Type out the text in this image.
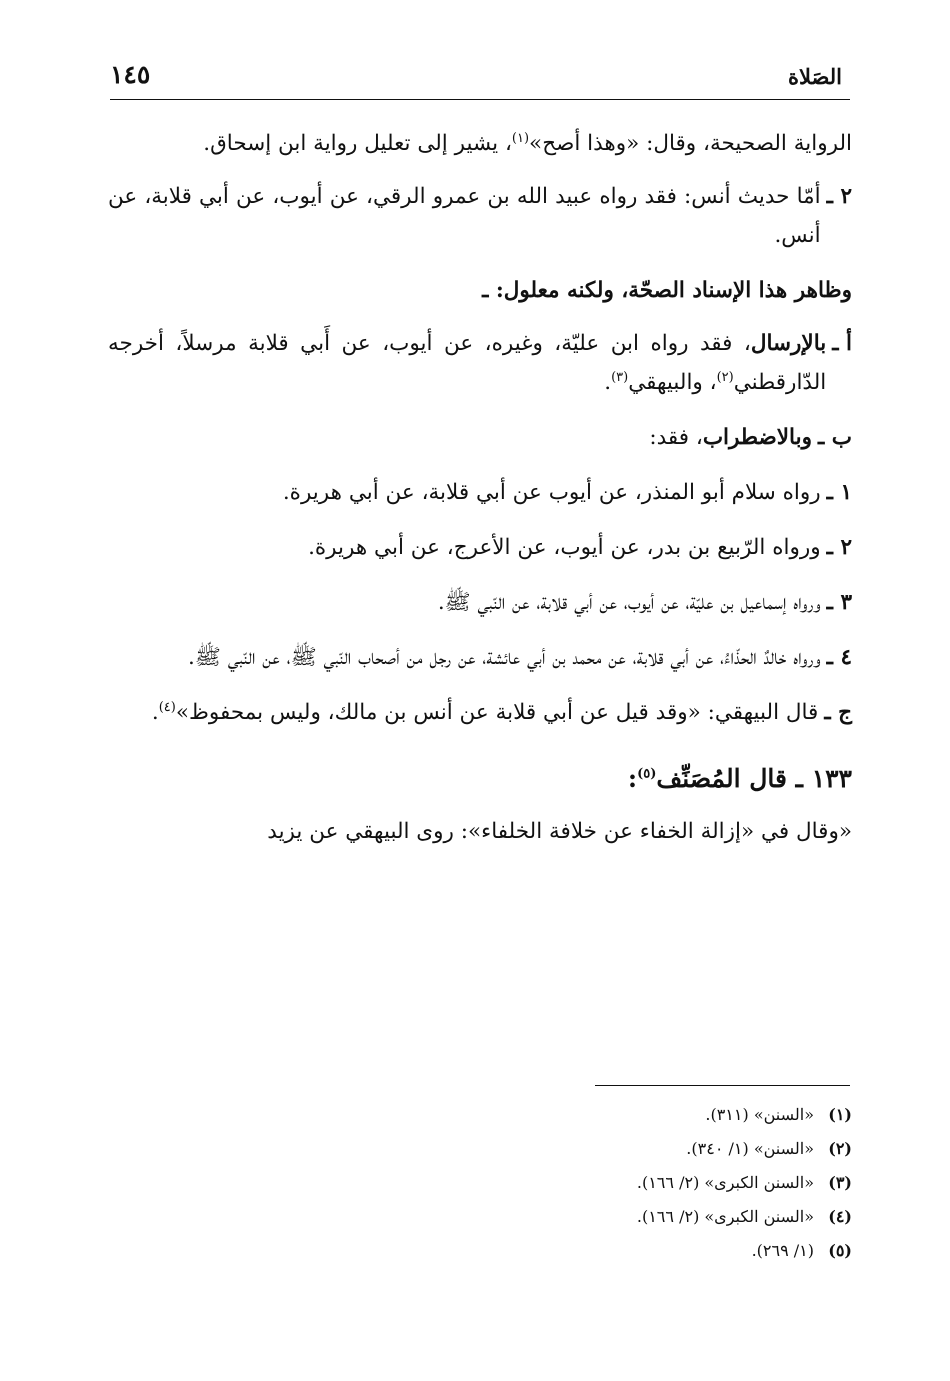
الصَلاة
١٤٥

الرواية الصحيحة، وقال: «وهذا أصح»$^{(١)}$، يشير إلى تعليل رواية ابن إسحاق.

٢ ـ
أمّا حديث أنس: فقد رواه عبيد الله بن عمرو الرقي، عن أيوب، عن أبي قلابة، عن أنس.

وظاهر هذا الإسناد الصحّة، ولكنه معلول: ـ

أ ـ
بالإرسال، فقد رواه ابن عليّة، وغيره، عن أيوب، عن أَبي قلابة مرسلاً، أخرجه الدّارقطني$^{(٢)}$، والبيهقي$^{(٣)}$.
ب ـ
وبالاضطراب، فقد:
١ ـ
رواه سلام أبو المنذر، عن أيوب عن أبي قلابة، عن أبي هريرة.
٢ ـ
ورواه الرّبيع بن بدر، عن أيوب، عن الأعرج، عن أبي هريرة.
٣ ـ
ورواه إسماعيل بن عليّة، عن أيوب، عن أبي قلابة، عن النّبي ﷺ.
٤ ـ
ورواه خالدٌ الحذّاءُ، عن أبي قلابة، عن محمد بن أبي عائشة، عن رجل من أصحاب النّبي ﷺ، عن النّبي ﷺ.
ج ـ
قال البيهقي: «وقد قيل عن أبي قلابة عن أنس بن مالك، وليس بمحفوظ»$^{(٤)}$.
١٣٣ ـ قال المُصَنِّف$^{(٥)}$:

«وقال في «إزالة الخفاء عن خلافة الخلفاء»: روى البيهقي عن يزيد

(١)
«السنن» (٣١١).
(٢)
«السنن» (١/ ٣٤٠).
(٣)
«السنن الكبرى» (٢/ ١٦٦).
(٤)
«السنن الكبرى» (٢/ ١٦٦).
(٥)
(١/ ٢٦٩).
